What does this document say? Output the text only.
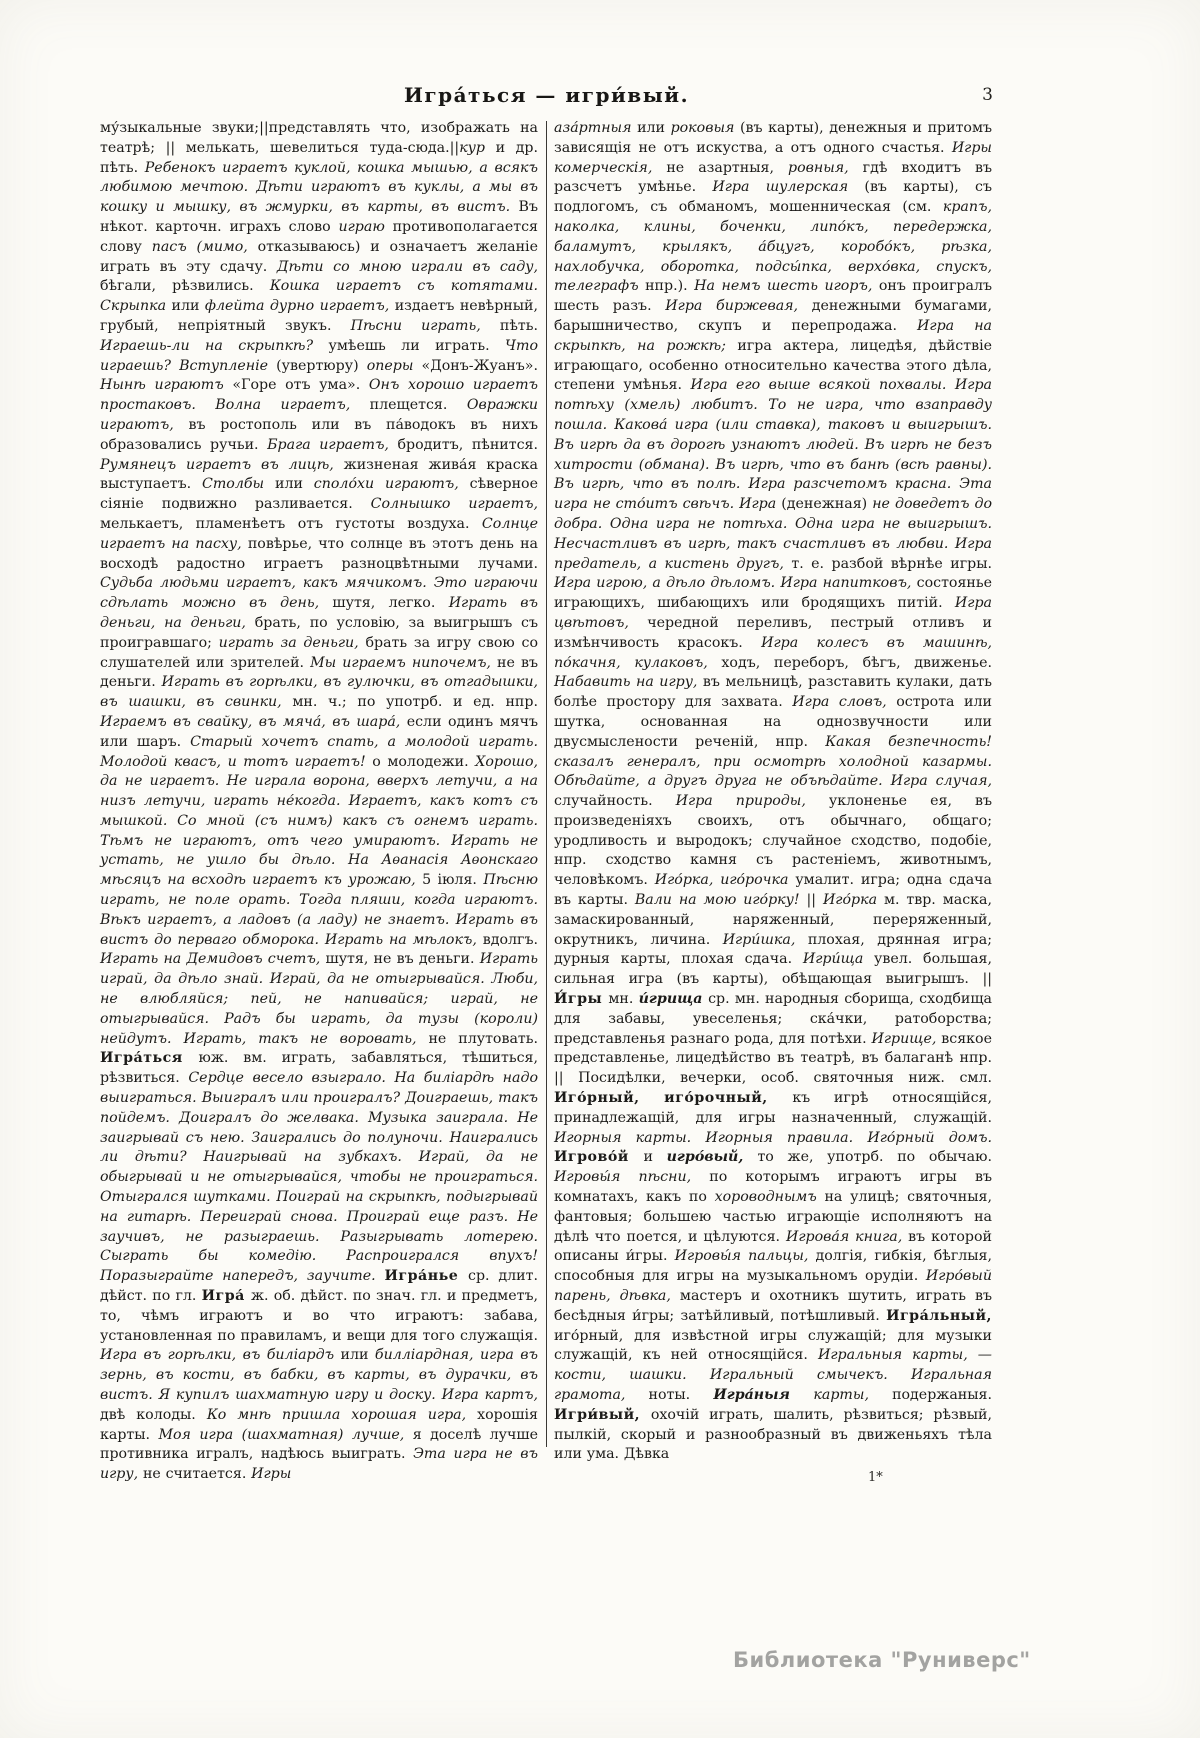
Игра́ться — игри́вый.	3
му́зыкальные звуки;||представлять что, изображать на театрѣ; || мелькать, шевелиться туда-сюда.||кур и др. пѣть. Ребенокъ играетъ куклой, кошка мышью, а всякъ любимою мечтою. Дѣти играютъ въ куклы, а мы въ кошку и мышку, въ жмурки, въ карты, въ вистъ. Въ нѣкот. карточн. играхъ слово играю противополагается слову пасъ (мимо, отказываюсь) и означаетъ желаніе играть въ эту сдачу. Дѣти со мною играли въ саду, бѣгали, рѣзвились. Кошка играетъ съ котятами. Скрыпка или флейта дурно играетъ, издаетъ невѣрный, грубый, непріятный звукъ. Пѣсни играть, пѣть. Играешь-ли на скрыпкѣ? умѣешь ли играть. Что играешь? Вступленіе (увертюру) оперы «Донъ-Жуанъ». Нынѣ играютъ «Горе отъ ума». Онъ хорошо играетъ простаковъ. Волна играетъ, плещется. Овражки играютъ, въ ростополь или въ па́водокъ въ нихъ образовались ручьи. Брага играетъ, бродитъ, пѣнится. Румянецъ играетъ въ лицѣ, жизненая жива́я краска выступаетъ. Столбы или споло́хи играютъ, сѣверное сіяніе подвижно разливается. Солнышко играетъ, мелькаетъ, пламенѣетъ отъ густоты воздуха. Солнце играетъ на пасху, повѣрье, что солнце въ этотъ день на восходѣ радостно играетъ разноцвѣтными лучами. Судьба людьми играетъ, какъ мячикомъ. Это играючи сдѣлать можно въ день, шутя, легко. Играть въ деньги, на деньги, брать, по условію, за выигрышъ съ проигравшаго; играть за деньги, брать за игру свою со слушателей или зрителей. Мы играемъ нипочемъ, не въ деньги. Играть въ горѣлки, въ гулючки, въ отгадышки, въ шашки, въ свинки, мн. ч.; по употрб. и ед. нпр. Играемъ въ свайку, въ мяча́, въ шара́, если одинъ мячъ или шаръ. Старый хочетъ спать, а молодой играть. Молодой квасъ, и тотъ играетъ! о молодежи. Хорошо, да не играетъ. Не играла ворона, вверхъ летучи, а на низъ летучи, играть не́когда. Играетъ, какъ котъ съ мышкой. Со мной (съ нимъ) какъ съ огнемъ играть. Тѣмъ не играютъ, отъ чего умираютъ. Играть не устать, не ушло бы дѣло. На Аѳанасія Аѳонскаго мѣсяцъ на всходѣ играетъ къ урожаю, 5 іюля. Пѣсню играть, не поле орать. Тогда пляши, когда играютъ. Вѣкъ играетъ, а ладовъ (а ладу) не знаетъ. Играть въ вистъ до перваго обморока. Играть на мѣлокъ, вдолгъ. Играть на Демидовъ счетъ, шутя, не въ деньги. Играть играй, да дѣло знай. Играй, да не отыгрывайся. Люби, не влюбляйся; пей, не напивайся; играй, не отыгрывайся. Радъ бы играть, да тузы (короли) нейдутъ. Играть, такъ не воровать, не плутовать. Игра́ться юж. вм. играть, забавляться, тѣшиться, рѣзвиться. Сердце весело взыграло. На биліардѣ надо выиграться. Выигралъ или проигралъ? Доиграешь, такъ пойдемъ. Доигралъ до желвака. Музыка заиграла. Не заигрывай съ нею. Заигрались до полуночи. Наигрались ли дѣти? Наигрывай на зубкахъ. Играй, да не обыгрывай и не отыгрывайся, чтобы не проиграться. Отыгрался шутками. Поиграй на скрыпкѣ, подыгрывай на гитарѣ. Переиграй снова. Проиграй еще разъ. Не заучивъ, не разыграешь. Разыгрывать лотерею. Сыграть бы комедію. Распроигрался впухъ! Поразыграйте напередъ, заучите. Игра́нье ср. длит. дѣйст. по гл. Игра́ ж. об. дѣйст. по знач. гл. и предметъ, то, чѣмъ играютъ и во что играютъ: забава, установленная по правиламъ, и вещи для того служащія. Игра въ горѣлки, въ биліардъ или билліардная, игра въ зернь, въ кости, въ бабки, въ карты, въ дурачки, въ вистъ. Я купилъ шахматную игру и доску. Игра картъ, двѣ колоды. Ко мнѣ пришла хорошая игра, хорошія карты. Моя игра (шахматная) лучше, я доселѣ лучше противника игралъ, надѣюсь выиграть. Эта игра не въ игру, не считается. Игры
аза́ртныя или роковыя (въ карты), денежныя и притомъ зависящія не отъ искуства, а отъ одного счастья. Игры комерческія, не азартныя, ровныя, гдѣ входитъ въ разсчетъ умѣнье. Игра шулерская (въ карты), съ подлогомъ, съ обманомъ, мошенническая (см. крапъ, наколка, клины, боченки, липо́къ, передержка, баламутъ, крылякъ, а́бцугъ, коробо́къ, рѣзка, нахлобучка, оборотка, подсы́пка, верхо́вка, спускъ, телеграфъ нпр.). На немъ шесть игоръ, онъ проигралъ шесть разъ. Игра биржевая, денежными бумагами, барышничество, скупъ и перепродажа. Игра на скрыпкѣ, на рожкѣ; игра актера, лицедѣя, дѣйствіе играющаго, особенно относительно качества этого дѣла, степени умѣнья. Игра его выше всякой похвалы. Игра потѣху (хмель) любитъ. То не игра, что взаправду пошла. Какова́ игра (или ставка), таковъ и выигрышъ. Въ игрѣ да въ дорогѣ узнаютъ людей. Въ игрѣ не безъ хитрости (обмана). Въ игрѣ, что въ банѣ (всѣ равны). Въ игрѣ, что въ полѣ. Игра разсчетомъ красна. Эта игра не сто́итъ свѣчъ. Игра (денежная) не доведетъ до добра. Одна игра не потѣха. Одна игра не выигрышъ. Несчастливъ въ игрѣ, такъ счастливъ въ любви. Игра предатель, а кистень другъ, т. е. разбой вѣрнѣе игры. Игра игрою, а дѣло дѣломъ. Игра напитковъ, состоянье играющихъ, шибающихъ или бродящихъ питій. Игра цвѣтовъ, чередной переливъ, пестрый отливъ и измѣнчивость красокъ. Игра колесъ въ машинѣ, по́качня, кулаковъ, ходъ, переборъ, бѣгъ, движенье. Набавить на игру, въ мельницѣ, разставить кулаки, дать болѣе простору для захвата. Игра словъ, острота или шутка, основанная на однозвучности или двусмыслености реченій, нпр. Какая безпечность! сказалъ генералъ, при осмотрѣ холодной казармы. Обѣдайте, а другъ друга не объѣдайте. Игра случая, случайность. Игра природы, уклоненье ея, въ произведеніяхъ своихъ, отъ обычнаго, общаго; уродливость и выродокъ; случайное сходство, подобіе, нпр. сходство камня съ растеніемъ, животнымъ, человѣкомъ. Иго́рка, иго́рочка умалит. игра; одна сдача въ карты. Вали на мою иго́рку! || Иго́рка м. твр. маска, замаскированный, наряженный, переряженный, окрутникъ, личина. Игри́шка, плохая, дрянная игра; дурныя карты, плохая сдача. Игри́ща увел. большая, сильная игра (въ карты), обѣщающая выигрышъ. || И́гры мн. и́грища ср. мн. народныя сборища, сходбища для забавы, увеселенья; ска́чки, ратоборства; представленья разнаго рода, для потѣхи. Игрище, всякое представленье, лицедѣйство въ театрѣ, въ балаганѣ нпр. || Посидѣлки, вечерки, особ. святочныя ниж. смл. Иго́рный, иго́рочный, къ игрѣ относящійся, принадлежащій, для игры назначенный, служащій. Игорныя карты. Игорныя правила. Иго́рный домъ. Игрово́й и игро́вый, то же, употрб. по обычаю. Игровы́я пѣсни, по которымъ играютъ игры въ комнатахъ, какъ по хороводнымъ на улицѣ; святочныя, фантовыя; большею частью играющіе исполняютъ на дѣлѣ что поется, и цѣлуются. Игрова́я книга, въ которой описаны и́гры. Игровы́я пальцы, долгія, гибкія, бѣглыя, способныя для игры на музыкальномъ орудіи. Игро́вый парень, дѣвка, мастеръ и охотникъ шутить, играть въ бесѣдныя и́гры; затѣйливый, потѣшливый. Игра́льный, иго́рный, для извѣстной игры служащій; для музыки служащій, къ ней относящійся. Игральныя карты, — кости, шашки. Игральный смычекъ. Игральная грамота, ноты. Игра́ныя карты, подержаныя. Игри́вый, охочій играть, шалить, рѣзвиться; рѣзвый, пылкій, скорый и разнообразный въ движеньяхъ тѣла или ума. Дѣвка
1*
Библиотека "Руниверс"
